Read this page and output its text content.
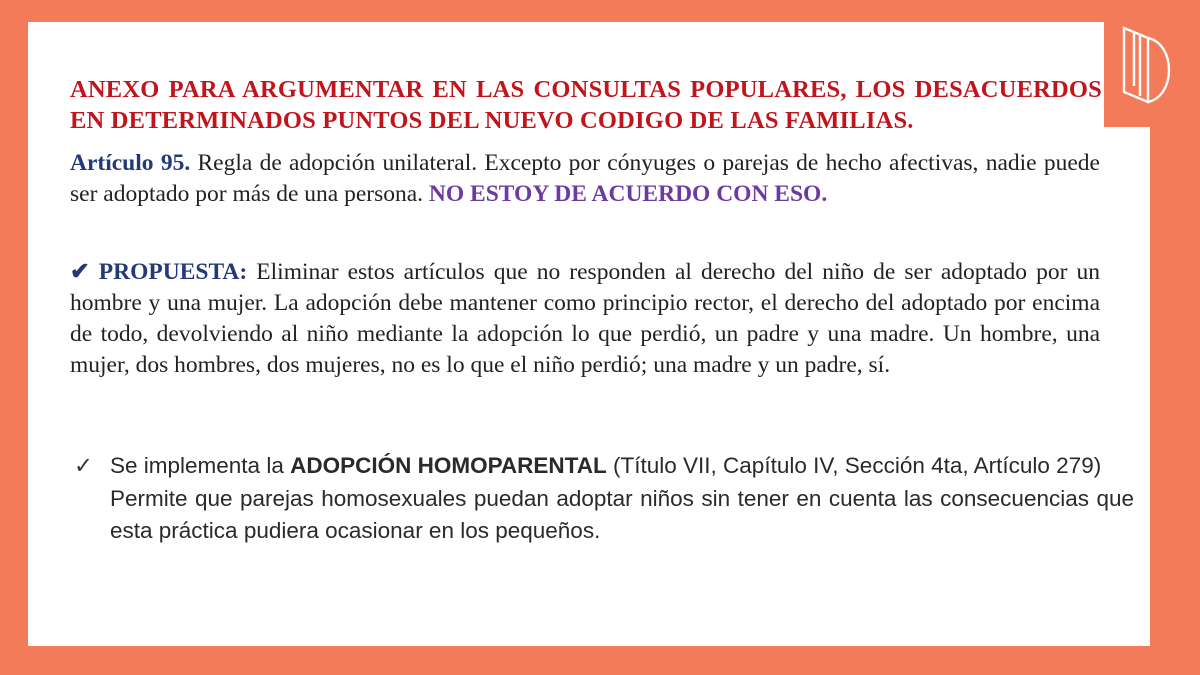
ANEXO PARA ARGUMENTAR EN LAS CONSULTAS POPULARES, LOS DESACUERDOS EN DETERMINADOS PUNTOS DEL NUEVO CODIGO DE LAS FAMILIAS.
Artículo 95. Regla de adopción unilateral. Excepto por cónyuges o parejas de hecho afectivas, nadie puede ser adoptado por más de una persona. NO ESTOY DE ACUERDO CON ESO.
✔ PROPUESTA: Eliminar estos artículos que no responden al derecho del niño de ser adoptado por un hombre y una mujer. La adopción debe mantener como principio rector, el derecho del adoptado por encima de todo, devolviendo al niño mediante la adopción lo que perdió, un padre y una madre. Un hombre, una mujer, dos hombres, dos mujeres, no es lo que el niño perdió; una madre y un padre, sí.
✓ Se implementa la ADOPCIÓN HOMOPARENTAL (Título VII, Capítulo IV, Sección 4ta, Artículo 279)
Permite que parejas homosexuales puedan adoptar niños sin tener en cuenta las consecuencias que esta práctica pudiera ocasionar en los pequeños.
